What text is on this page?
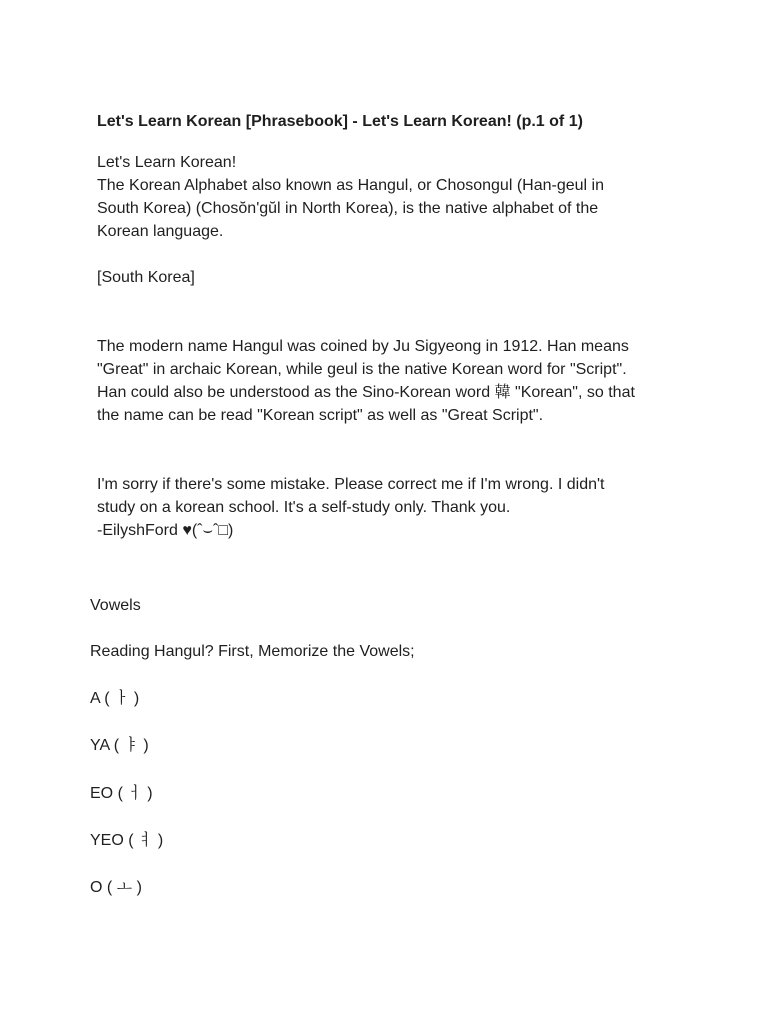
Let's Learn Korean [Phrasebook] - Let's Learn Korean! (p.1 of 1)

Let's Learn Korean!
The Korean Alphabet also known as Hangul, or Chosongul (Han-geul in
South Korea) (Chosŏn'gŭl in North Korea), is the native alphabet of the
Korean language.

[South Korea]

The modern name Hangul was coined by Ju Sigyeong in 1912. Han means
"Great" in archaic Korean, while geul is the native Korean word for "Script".
Han could also be understood as the Sino-Korean word 韓 "Korean", so that
the name can be read "Korean script" as well as "Great Script".

I'm sorry if there's some mistake. Please correct me if I'm wrong. I didn't
study on a korean school. It's a self-study only. Thank you.
-EilyshFord ♥(ˆ⌣ˆ□)

Vowels

Reading Hangul? First, Memorize the Vowels;

A ( ㅏ )
YA ( ㅑ )
EO ( ㅓ )
YEO ( ㅕ )
O ( ㅗ )
